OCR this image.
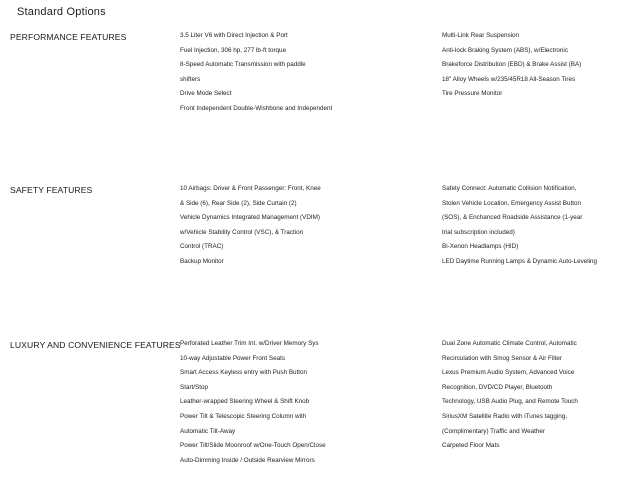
Standard Options
PERFORMANCE FEATURES	3.5 Liter V6 with Direct Injection & Port
Fuel Injection, 306 hp, 277 lb-ft torque
8-Speed Automatic Transmission with paddle
shifters
Drive Mode Select
Front Independent Double-Wishbone and Independent
Multi-Link Rear Suspension
Anti-lock Braking System (ABS), w/Electronic
Brakeforce Distribution (EBD) & Brake Assist (BA)
18" Alloy Wheels w/235/45R18 All-Season Tires
Tire Pressure Monitor
SAFETY FEATURES	10 Airbags: Driver & Front Passenger: Front, Knee
& Side (6), Rear Side (2), Side Curtain (2)
Vehicle Dynamics Integrated Management (VDIM)
w/Vehicle Stability Control (VSC), & Traction
Control (TRAC)
Backup Monitor
Safety Connect: Automatic Collision Notification,
Stolen Vehicle Location, Emergency Assist Button
(SOS), & Enchanced Roadside Assistance (1-year
trial subscription included)
Bi-Xenon Headlamps (HID)
LED Daytime Running Lamps & Dynamic Auto-Leveling
LUXURY AND CONVENIENCE FEATURES Perforated Leather Trim Int. w/Driver Memory Sys
10-way Adjustable Power Front Seats
Smart Access Keyless entry with Push Button
Start/Stop
Leather-wrapped Steering Wheel & Shift Knob
Power Tilt & Telescopic Steering Column with
Automatic Tilt-Away
Power Tilt/Slide Moonroof w/One-Touch Open/Close
Auto-Dimming Inside / Outside Rearview Mirrors
Dual Zone Automatic Climate Control, Automatic
Recirculation with Smog Sensor & Air Filter
Lexus Premium Audio System, Advanced Voice
Recognition, DVD/CD Player, Bluetooth
Technology, USB Audio Plug, and Remote Touch
SiriusXM Satellite Radio with iTunes tagging,
(Complimentary) Traffic and Weather
Carpeted Floor Mats
